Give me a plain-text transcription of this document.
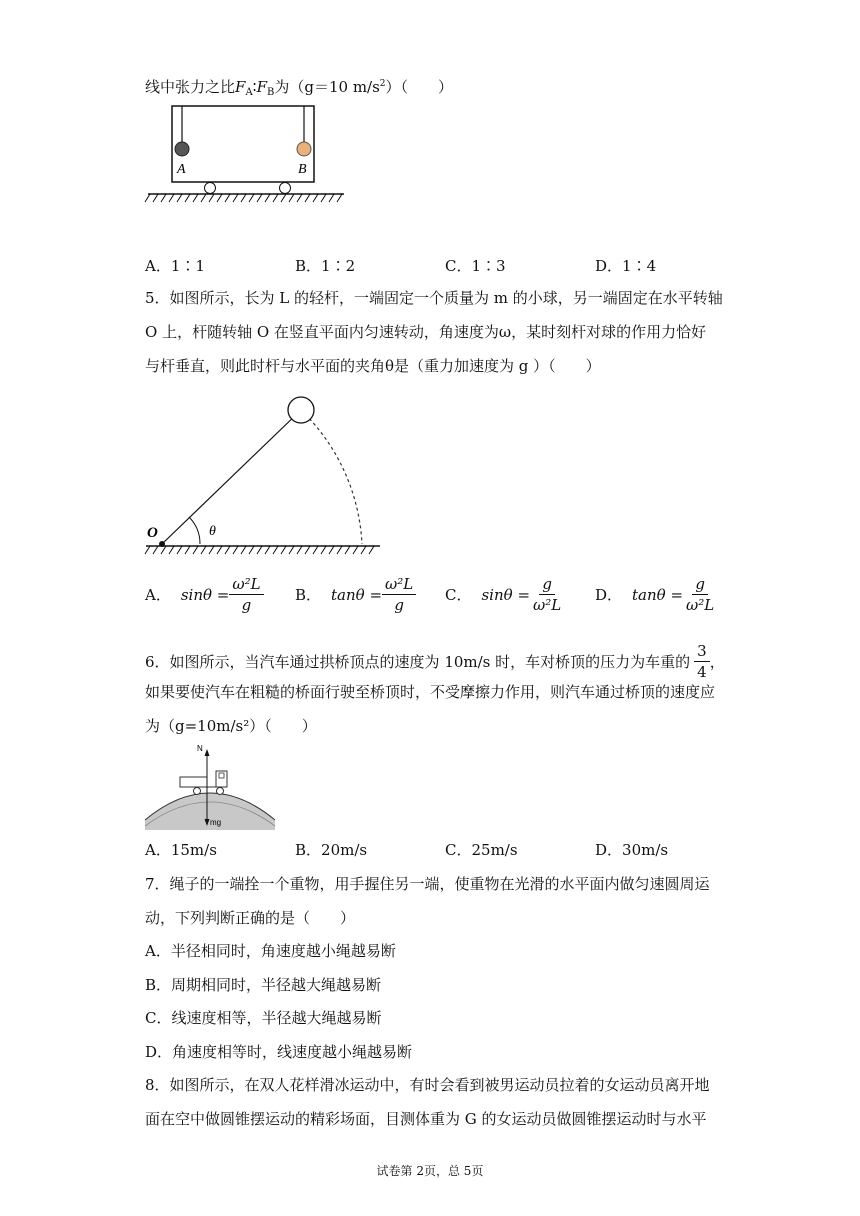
线中张力之比$F_A∶F_B$为（g＝10 $m/s^2$）（　　）
A	B
A．1∶1	B．1∶2	C．1∶3	D．1∶4
5．如图所示，长为 L 的轻杆，一端固定一个质量为 m 的小球，另一端固定在水平转轴
O 上，杆随转轴 O 在竖直平面内匀速转动，角速度为ω，某时刻杆对球的作用力恰好
与杆垂直，则此时杆与水平面的夹角θ是（重力加速度为 g ）（　　）
O	θ
A． $\sin\theta = \frac{\text{ω²L}}{g}$ B． $\tan\theta = \frac{\text{ω²L}}{g}$ C． $\sin\theta = \frac{g}{\text{ω²L}}$ D． $\tan\theta = \frac{g}{\text{ω²L}}$
6．如图所示，当汽车通过拱桥顶点的速度为 10m/s 时，车对桥顶的压力为车重的 $\frac{3}{4}$ ，
如果要使汽车在粗糙的桥面行驶至桥顶时，不受摩擦力作用，则汽车通过桥顶的速度应
为（g=10m/s²）（　　）
N
mg
A．15m/s	B．20m/s	C．25m/s	D．30m/s
7．绳子的一端拴一个重物，用手握住另一端，使重物在光滑的水平面内做匀速圆周运
动，下列判断正确的是（　　）
A．半径相同时，角速度越小绳越易断
B．周期相同时，半径越大绳越易断
C．线速度相等，半径越大绳越易断
D．角速度相等时，线速度越小绳越易断
8．如图所示，在双人花样滑冰运动中，有时会看到被男运动员拉着的女运动员离开地
面在空中做圆锥摆运动的精彩场面，目测体重为 G 的女运动员做圆锥摆运动时与水平
试卷第 2页，总 5页
